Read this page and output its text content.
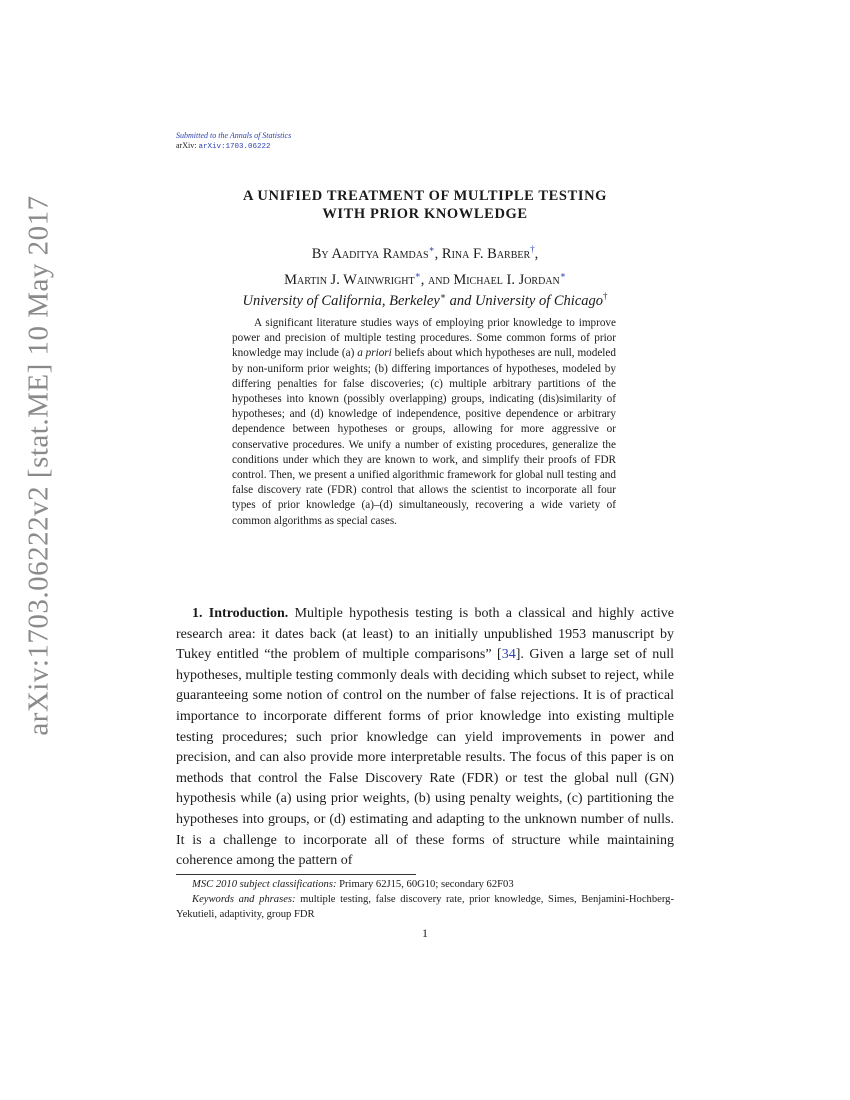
Submitted to the Annals of Statistics
arXiv: arXiv:1703.06222
arXiv:1703.06222v2 [stat.ME] 10 May 2017	A UNIFIED TREATMENT OF MULTIPLE TESTING
WITH PRIOR KNOWLEDGE
By Aaditya Ramdas∗, Rina F. Barber†,
Martin J. Wainwright∗, and Michael I. Jordan∗
University of California, Berkeley∗ and University of Chicago†
A significant literature studies ways of employing prior knowledge to improve power and precision of multiple testing procedures. Some common forms of prior knowledge may include (a) a priori beliefs about which hypotheses are null, modeled by non-uniform prior weights; (b) differing importances of hypotheses, modeled by differing penalties for false discoveries; (c) multiple arbitrary partitions of the hypotheses into known (possibly overlapping) groups, indicating (dis)similarity of hypotheses; and (d) knowledge of independence, positive dependence or arbitrary dependence between hypotheses or groups, allowing for more aggressive or conservative procedures. We unify a number of existing procedures, generalize the conditions under which they are known to work, and simplify their proofs of FDR control. Then, we present a unified algorithmic framework for global null testing and false discovery rate (FDR) control that allows the scientist to incorporate all four types of prior knowledge (a)–(d) simultaneously, recovering a wide variety of common algorithms as special cases.
1. Introduction. Multiple hypothesis testing is both a classical and highly active research area: it dates back (at least) to an initially unpublished 1953 manuscript by Tukey entitled “the problem of multiple comparisons” [34]. Given a large set of null hypotheses, multiple testing commonly deals with deciding which subset to reject, while guaranteeing some notion of control on the number of false rejections. It is of practical importance to incorporate different forms of prior knowledge into existing multiple testing procedures; such prior knowledge can yield improvements in power and precision, and can also provide more interpretable results. The focus of this paper is on methods that control the False Discovery Rate (FDR) or test the global null (GN) hypothesis while (a) using prior weights, (b) using penalty weights, (c) partitioning the hypotheses into groups, or (d) estimating and adapting to the unknown number of nulls. It is a challenge to incorporate all of these forms of structure while maintaining coherence among the pattern of

MSC 2010 subject classifications: Primary 62J15, 60G10; secondary 62F03

Keywords and phrases: multiple testing, false discovery rate, prior knowledge, Simes, Benjamini-Hochberg-Yekutieli, adaptivity, group FDR

1
